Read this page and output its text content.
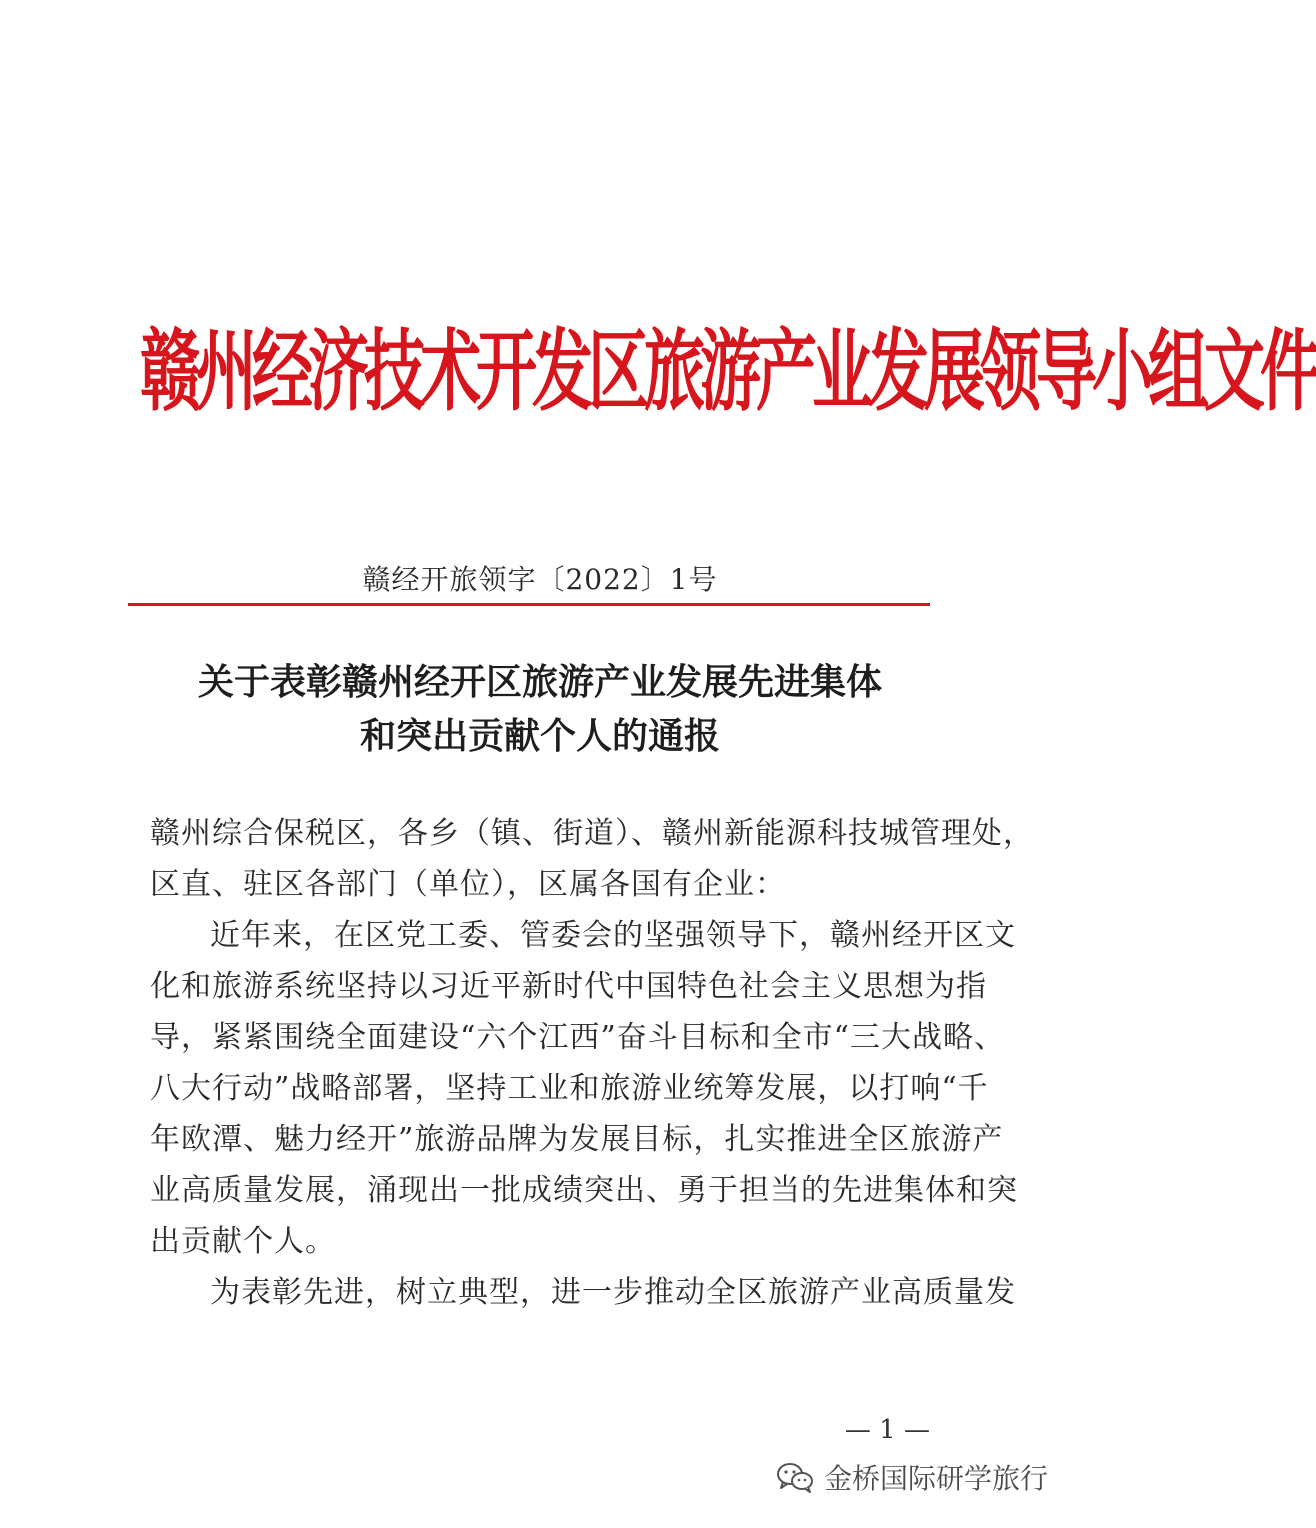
赣州经济技术开发区旅游产业发展领导小组文件
赣经开旅领字〔2022〕1号
关于表彰赣州经开区旅游产业发展先进集体
和突出贡献个人的通报
赣州综合保税区，各乡（镇、街道）、赣州新能源科技城管理处，
区直、驻区各部门（单位），区属各国有企业：
近年来，在区党工委、管委会的坚强领导下，赣州经开区文
化和旅游系统坚持以习近平新时代中国特色社会主义思想为指
导，紧紧围绕全面建设“六个江西”奋斗目标和全市“三大战略、
八大行动”战略部署，坚持工业和旅游业统筹发展，以打响“千
年欧潭、魅力经开”旅游品牌为发展目标，扎实推进全区旅游产
业高质量发展，涌现出一批成绩突出、勇于担当的先进集体和突
出贡献个人。
为表彰先进，树立典型，进一步推动全区旅游产业高质量发
— 1 —
金桥国际研学旅行
